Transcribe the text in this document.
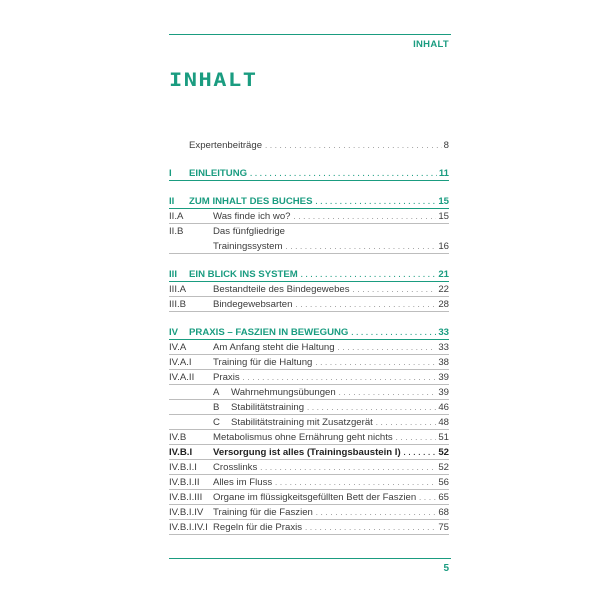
INHALT
INHALT
Expertenbeiträge . . .	8
I EINLEITUNG . . .	11
II ZUM INHALT DES BUCHES . . .	15
II.A	Was finde ich wo? . . .	15
II.B	Das fünfgliedrige
Trainingssystem . . .	16
III EIN BLICK INS SYSTEM . . .	21
III.A	Bestandteile des Bindegewebes . . .	22
III.B	Bindegewebsarten . . .	28
IV PRAXIS – FASZIEN IN BEWEGUNG . . .	33
IV.A	Am Anfang steht die Haltung . . .	33
IV.A.I Training für die Haltung . . .	38
IV.A.II Praxis . . .	39
A Wahrnehmungsübungen . . .	39
B Stabilitätstraining . . .	46
C Stabilitätstraining mit Zusatzgerät . . .	48
IV.B	Metabolismus ohne Ernährung geht nichts . . .	51
IV.B.I Versorgung ist alles (Trainingsbaustein I) . . .	52
IV.B.I.I Crosslinks . . .	52
IV.B.I.II Alles im Fluss . . .	56
IV.B.I.III Organe im flüssigkeitsgefüllten Bett der Faszien . . .	65
IV.B.I.IV Training für die Faszien . . .	68
IV.B.I.IV.I Regeln für die Praxis . . .	75
5
